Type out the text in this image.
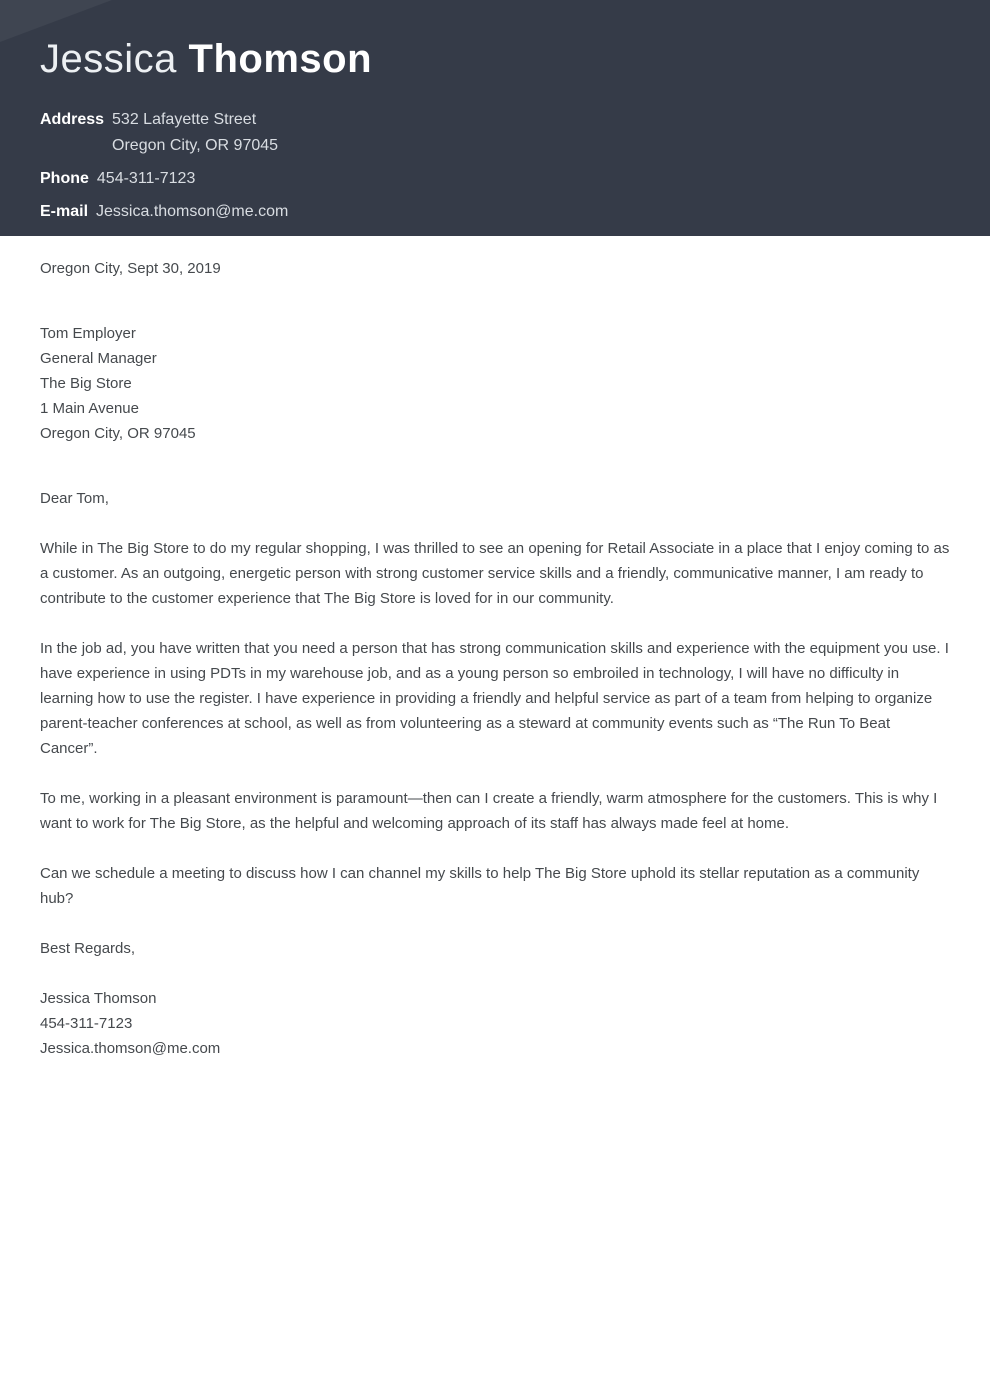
Jessica Thomson
Address 532 Lafayette Street
Oregon City, OR 97045
Phone 454-311-7123
E-mail Jessica.thomson@me.com

Oregon City, Sept 30, 2019

Tom Employer
General Manager
The Big Store
1 Main Avenue
Oregon City, OR 97045

Dear Tom,

While in The Big Store to do my regular shopping, I was thrilled to see an opening for Retail Associate in a place that I enjoy coming to as a customer. As an outgoing, energetic person with strong customer service skills and a friendly, communicative manner, I am ready to contribute to the customer experience that The Big Store is loved for in our community.

In the job ad, you have written that you need a person that has strong communication skills and experience with the equipment you use. I have experience in using PDTs in my warehouse job, and as a young person so embroiled in technology, I will have no difficulty in learning how to use the register. I have experience in providing a friendly and helpful service as part of a team from helping to organize parent-teacher conferences at school, as well as from volunteering as a steward at community events such as “The Run To Beat Cancer”.

To me, working in a pleasant environment is paramount—then can I create a friendly, warm atmosphere for the customers. This is why I want to work for The Big Store, as the helpful and welcoming approach of its staff has always made feel at home.

Can we schedule a meeting to discuss how I can channel my skills to help The Big Store uphold its stellar reputation as a community hub?

Best Regards,

Jessica Thomson
454-311-7123
Jessica.thomson@me.com
